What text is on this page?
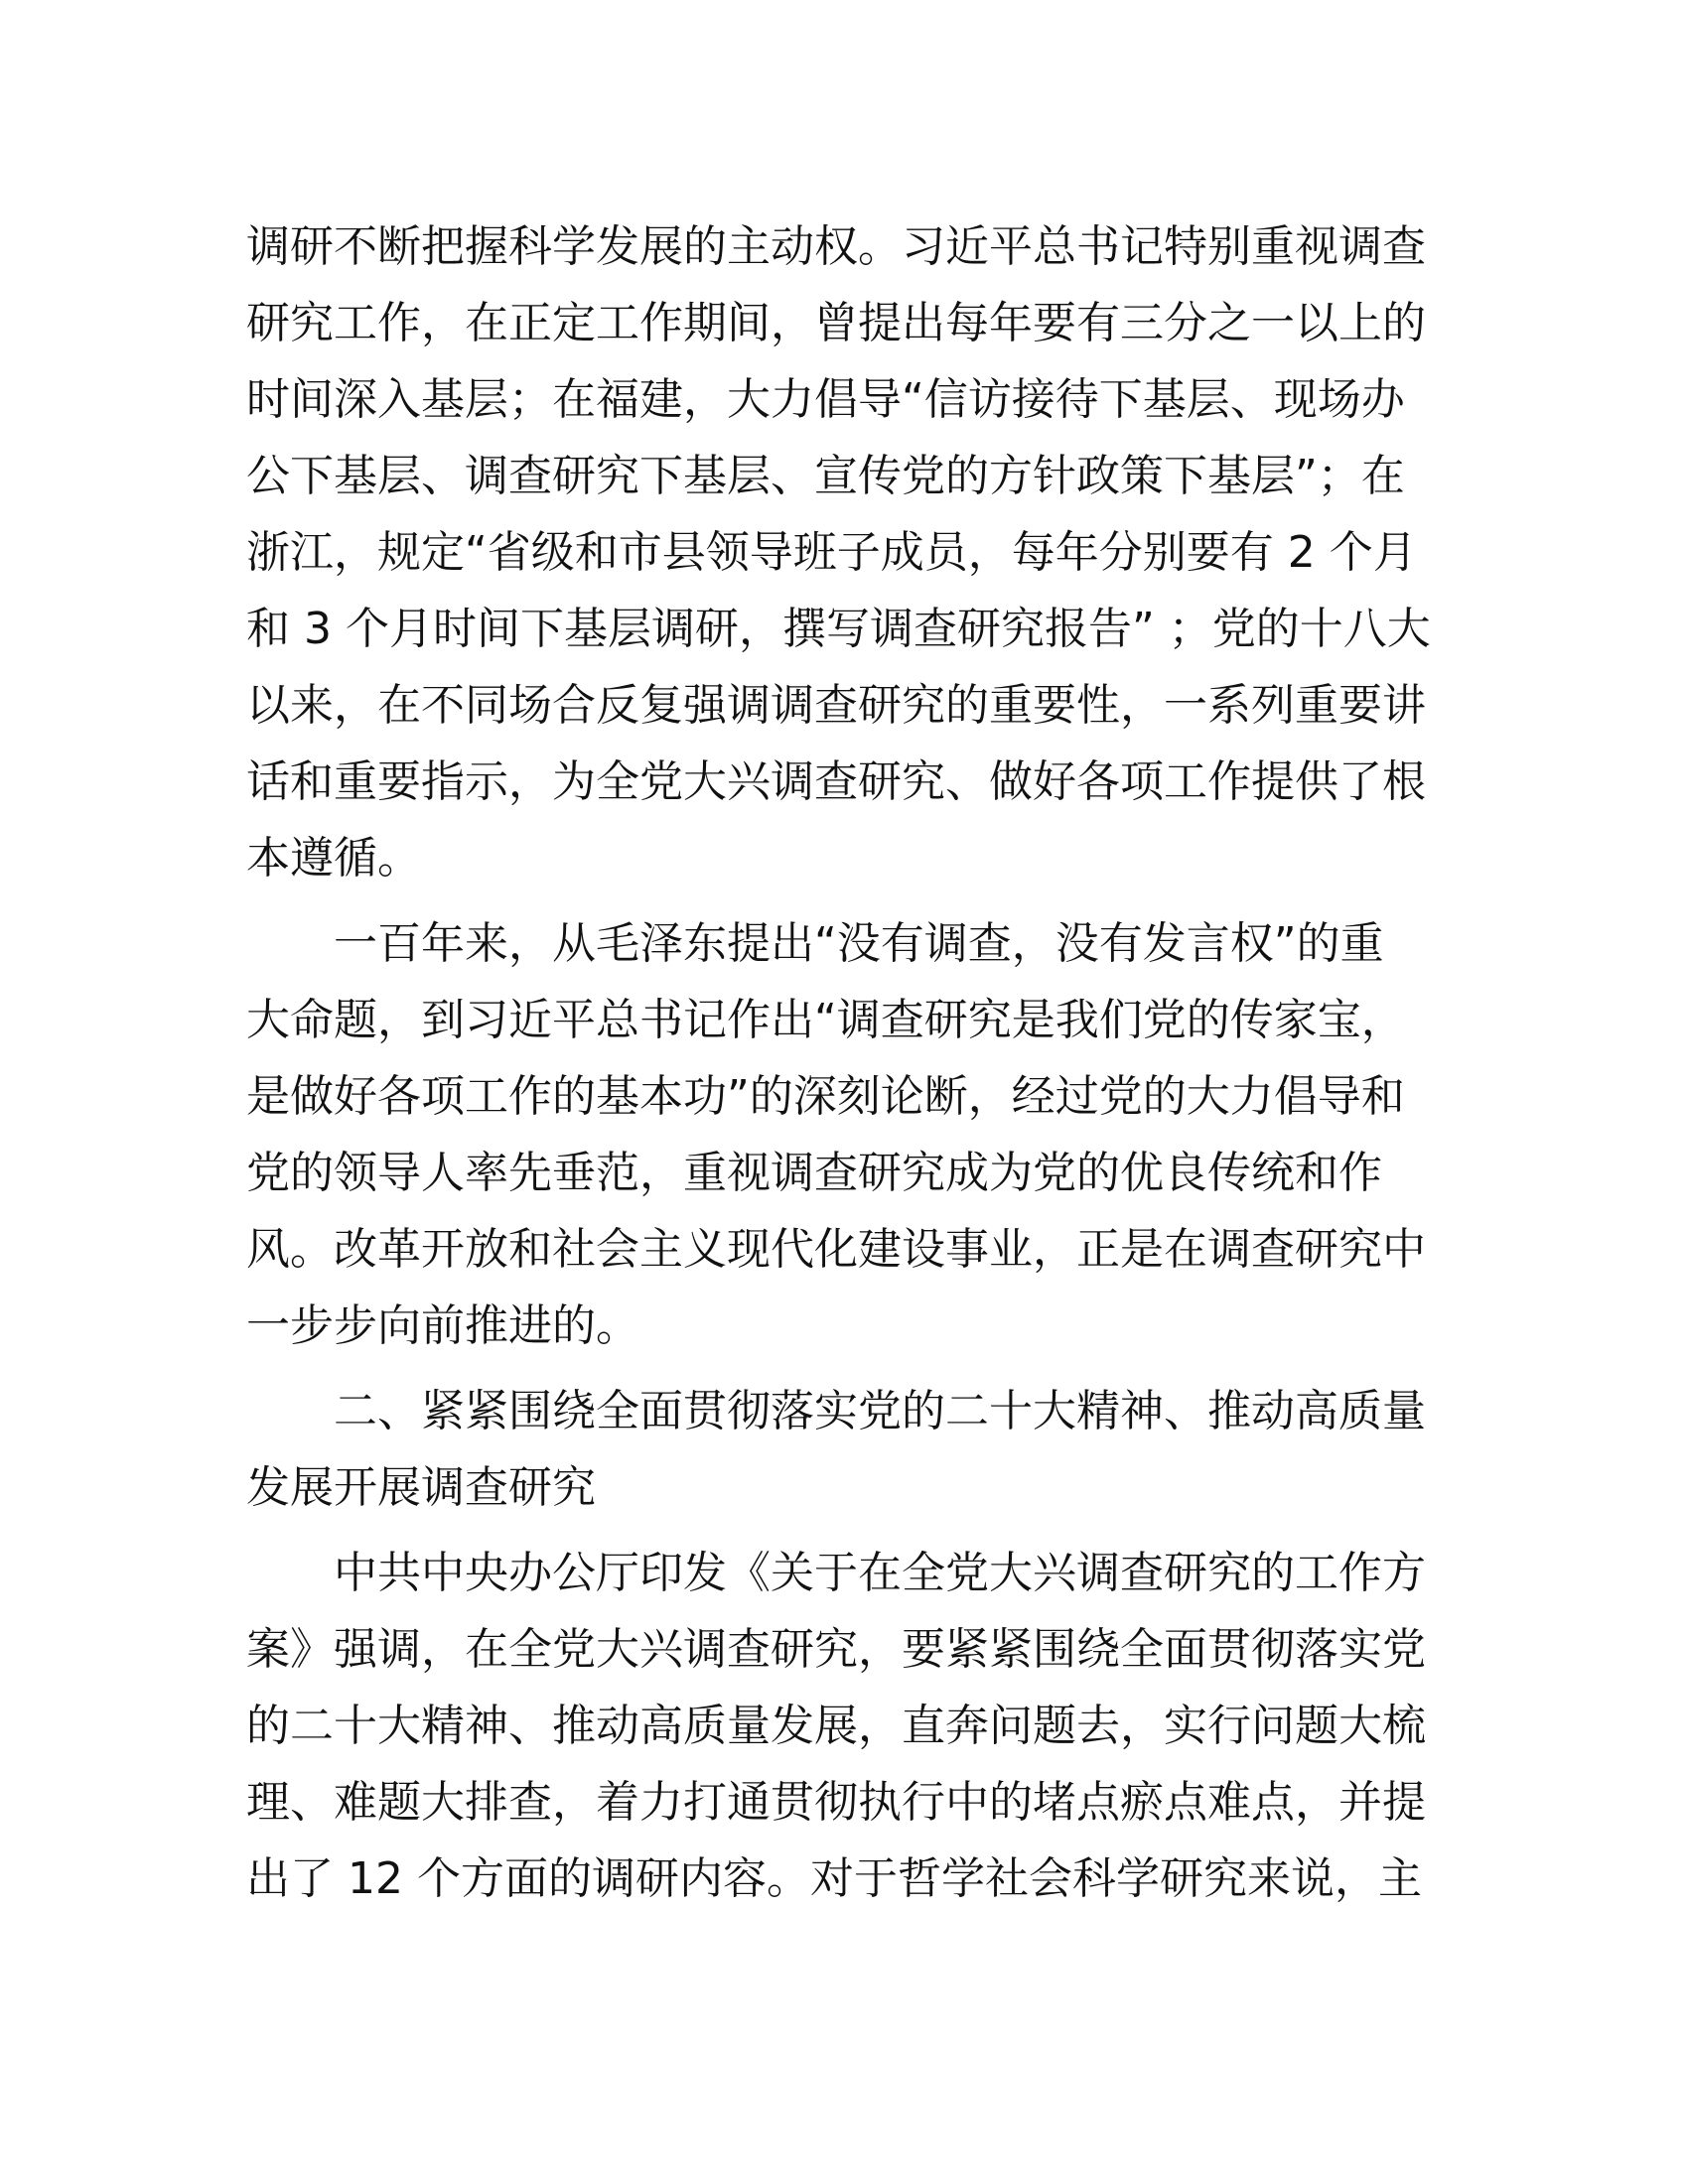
调研不断把握科学发展的主动权。习近平总书记特别重视调查
研究工作，在正定工作期间，曾提出每年要有三分之一以上的
时间深入基层；在福建，大力倡导“信访接待下基层、现场办
公下基层、调查研究下基层、宣传党的方针政策下基层”；在
浙江，规定“省级和市县领导班子成员，每年分别要有 2 个月
和 3 个月时间下基层调研，撰写调查研究报告” ；党的十八大
以来，在不同场合反复强调调查研究的重要性，一系列重要讲
话和重要指示，为全党大兴调查研究、做好各项工作提供了根
本遵循。
　　一百年来，从毛泽东提出“没有调查，没有发言权”的重
大命题，到习近平总书记作出“调查研究是我们党的传家宝，
是做好各项工作的基本功”的深刻论断，经过党的大力倡导和
党的领导人率先垂范，重视调查研究成为党的优良传统和作
风。改革开放和社会主义现代化建设事业，正是在调查研究中
一步步向前推进的。
　　二、紧紧围绕全面贯彻落实党的二十大精神、推动高质量
发展开展调查研究
　　中共中央办公厅印发《关于在全党大兴调查研究的工作方
案》强调，在全党大兴调查研究，要紧紧围绕全面贯彻落实党
的二十大精神、推动高质量发展，直奔问题去，实行问题大梳
理、难题大排查，着力打通贯彻执行中的堵点瘀点难点，并提
出了 12 个方面的调研内容。对于哲学社会科学研究来说，主
